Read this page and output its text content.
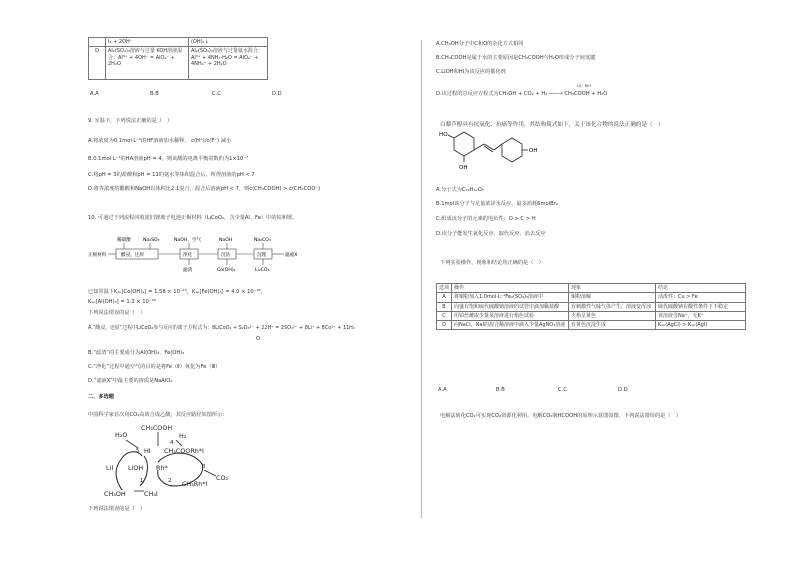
	I₂ + 2OH⁻	(OH)₂↓
D	Al₂(SO₄)₃溶液与过量 KOH溶液混合：Al³⁺ + 4OH⁻ = AlO₂⁻ + 2H₂O	Al₂(SO₄)₃溶液与过量氨水混合：Al³⁺ + 4NH₃·H₂O = AlO₂⁻ + 4NH₄⁺ + 2H₂O
A.A	B.B	C.C	D.D
9. 室温下，下列说法正确的是（　）
A.将浓度为0.1mol·L⁻¹的HF溶液加水稀释， c(H⁺)/c(F⁻) 减小
B.0.1mol·L⁻¹的HA溶液pH = 4，则该酸的电离平衡常数约为1×10⁻⁷
C.将pH = 3的盐酸和pH = 11的氨水等体积混合后，所得溶液的pH < 7
D.将等浓度的醋酸和NaOH以体积比2:1混合，混合后溶液pH < 7，则c(CH₃COOH) > c(CH₃COO⁻)
10. 可通过下列流程回收废旧锂离子电池正极材料（LiCoO₂，含少量Al、Fe）中的钴和锂。
正极材料	酸浸、还原
稀硫酸	Na₂SO₃
净化
NaOH、空气
滤渣
沉钴
NaOH
Co(OH)₂
沉锂
Na₂CO₃
Li₂CO₃
滤液X
已知常温下Kₛₚ[Co(OH)₂] = 1.58 × 10⁻¹⁵，Kₛₚ[Fe(OH)₃] = 4.0 × 10⁻³⁸，
Kₛₚ[Al(OH)₃] = 1.3 × 10⁻³³
下列说法错误的是（　）
A.“酸浸、还原”过程中LiCoO₂参与反应的离子方程式为：8LiCoO₂ + S₂O₃²⁻ + 22H⁺ = 2SO₄²⁻ + 8Li⁺ + 8Co²⁺ + 11H₂
O
B.“滤渣”的主要成分为Al(OH)₃、Fe(OH)₃
C.“净化”过程中通空气的目的是将Fe（Ⅱ）氧化为Fe（Ⅲ）
D.“滤液X”中最主要的溶质是NaAlO₂
二、多选题
中国科学家首次用CO₂高效合成乙酸，其反应路径如图所示：
CH₃COOH
H₂O	H₂
4
5 HI CH₃COORh*I
LiI LiOH Rh*	3
CO₂
1	2 CH₃Rh*I
CH₃OH	CH₃I
下列说法错误的是（　）
A.CH₃OH分子中C和O的杂化方式相同
B.CH₃COOH是属于水的主要原因是CH₃COOH与H₂O形成分子间氢键
C.LiOH和HI为该反应的催化剂
LiI、Rh*
D.该过程的总反应方程式为CH₃OH + CO₂ + H₂ ───→ CH₃COOH + H₂O
白藜芦醇具有抗氧化、抗癌等作用，其结构简式如下，关于该化合物的说法正确的是（　）
HO
OH
OH
A.分子式为C₁₄H₁₂O₃
B.1mol该分子与足量浓溠水反应，最多消耗6molBr₂
C.组成该分子的元素的电负性：O > C > H
D.该分子能发生氧化反应、取代反应、消去反应
下列实验操作、现象和结论均正确的是（　）
选项	操作	现象	结论
A	将铜粉加入1.0mol·L⁻¹Fe₂(SO₄)₃溶液中	铜粉溶解	活泼性：Cu > Fe
B	向盛有饱和硫代硫酸钠溶液的试管中滴加稀盐酸	有刺激性气味气体产生，溶液变浑浊	硫代硫酸钠在酸性条件下不稳定
C	用铂丝蘸取少量某溶液进行焰色试验	火焰呈黄色	该溶液含Na⁺，无K⁺
D	向NaCl、NaI的混合稀溶液中滴入少量AgNO₃溶液	有黄色沉淀生成	Kₛₚ(AgCl) > Kₛₚ(AgI)
A.A	B.B	C.C	D.D
电解法转化CO₂可实现CO₂资源化利用。电解CO₂制HCOOH的原理示意图如图。下列说法错误的是（　）
